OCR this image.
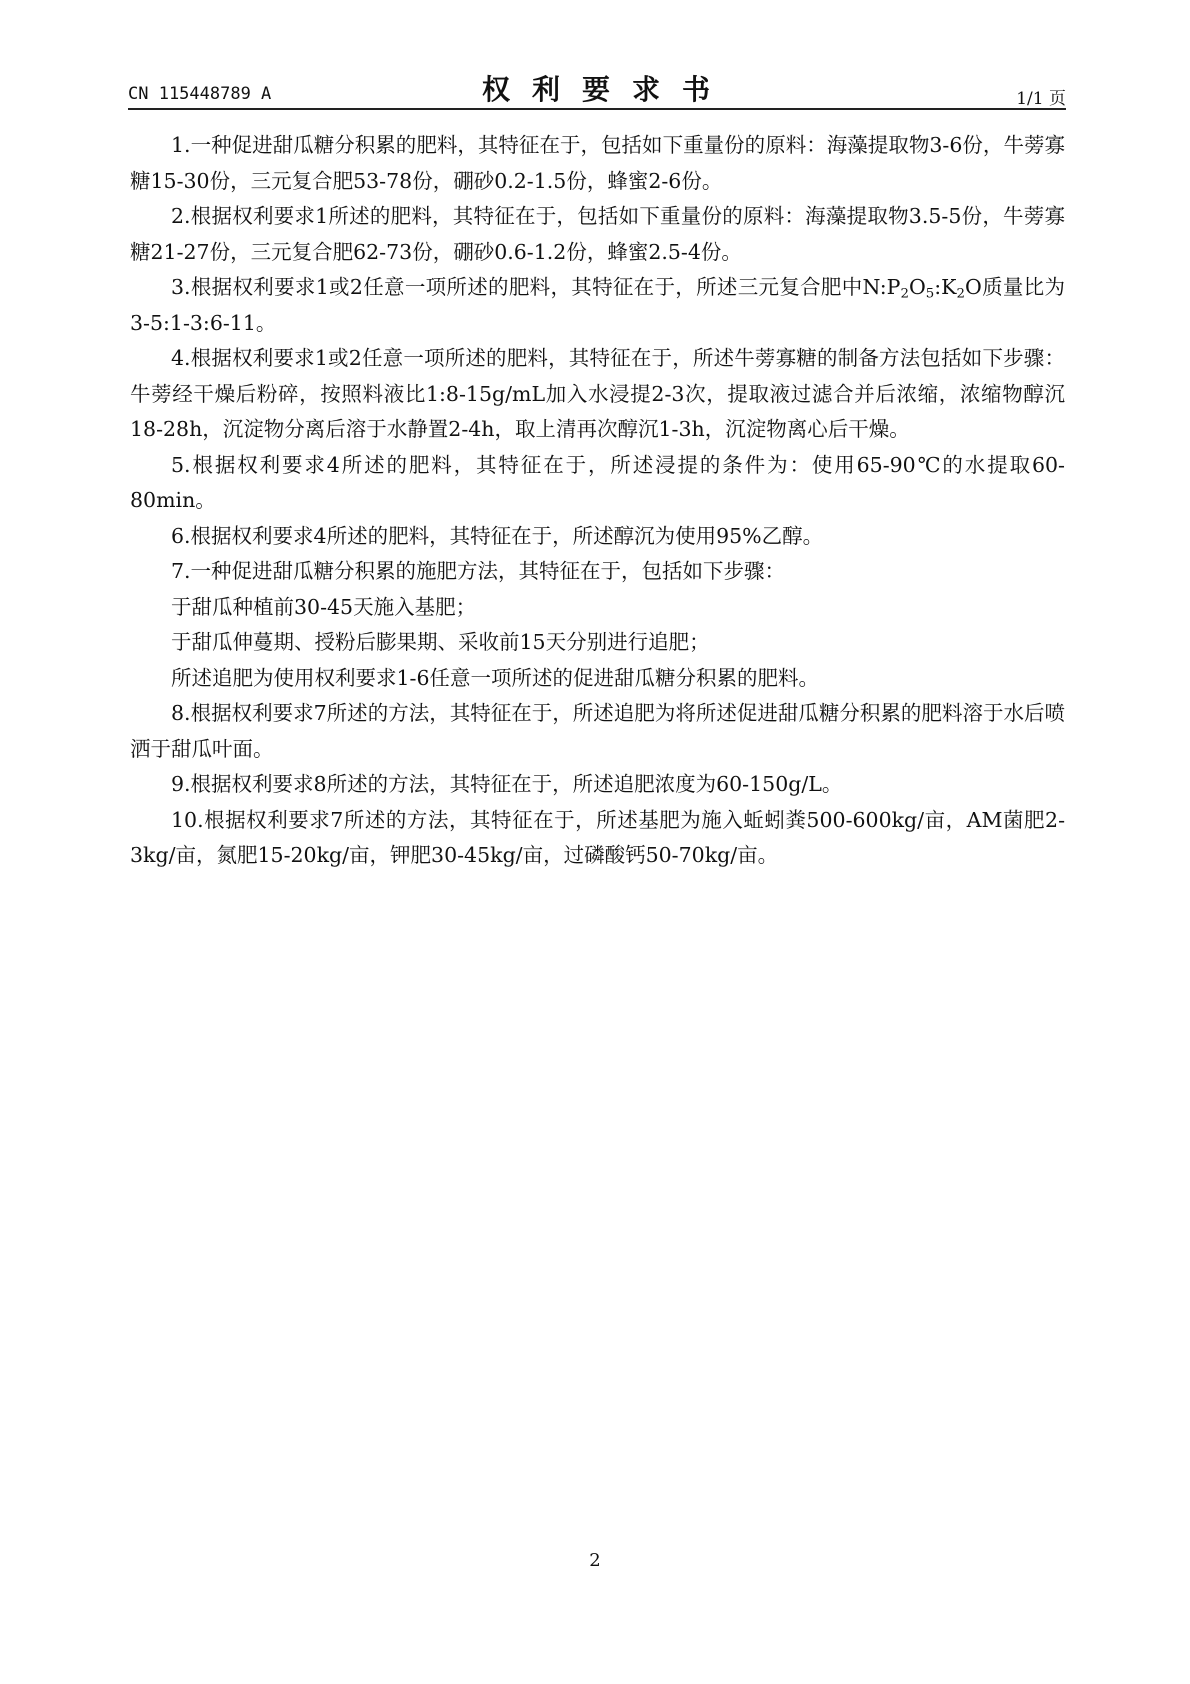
CN 115448789 A	权利要求书	1/1 页

1.一种促进甜瓜糖分积累的肥料，其特征在于，包括如下重量份的原料：海藻提取物3-6份，牛蒡寡糖15-30份，三元复合肥53-78份，硼砂0.2-1.5份，蜂蜜2-6份。

2.根据权利要求1所述的肥料，其特征在于，包括如下重量份的原料：海藻提取物3.5-5份，牛蒡寡糖21-27份，三元复合肥62-73份，硼砂0.6-1.2份，蜂蜜2.5-4份。

3.根据权利要求1或2任意一项所述的肥料，其特征在于，所述三元复合肥中$N:P_2O_5:K_2O$质量比为3-5:1-3:6-11。

4.根据权利要求1或2任意一项所述的肥料，其特征在于，所述牛蒡寡糖的制备方法包括如下步骤：牛蒡经干燥后粉碎，按照料液比1:8-15g/mL加入水浸提2-3次，提取液过滤合并后浓缩，浓缩物醇沉18-28h，沉淀物分离后溶于水静置2-4h，取上清再次醇沉1-3h，沉淀物离心后干燥。

5.根据权利要求4所述的肥料，其特征在于，所述浸提的条件为：使用65-90℃的水提取60-80min。

6.根据权利要求4所述的肥料，其特征在于，所述醇沉为使用95%乙醇。

7.一种促进甜瓜糖分积累的施肥方法，其特征在于，包括如下步骤：

于甜瓜种植前30-45天施入基肥；

于甜瓜伸蔓期、授粉后膨果期、采收前15天分别进行追肥；

所述追肥为使用权利要求1-6任意一项所述的促进甜瓜糖分积累的肥料。

8.根据权利要求7所述的方法，其特征在于，所述追肥为将所述促进甜瓜糖分积累的肥料溶于水后喷洒于甜瓜叶面。

9.根据权利要求8所述的方法，其特征在于，所述追肥浓度为60-150g/L。

10.根据权利要求7所述的方法，其特征在于，所述基肥为施入蚯蚓粪500-600kg/亩，AM菌肥2-3kg/亩，氮肥15-20kg/亩，钾肥30-45kg/亩，过磷酸钙50-70kg/亩。

2
